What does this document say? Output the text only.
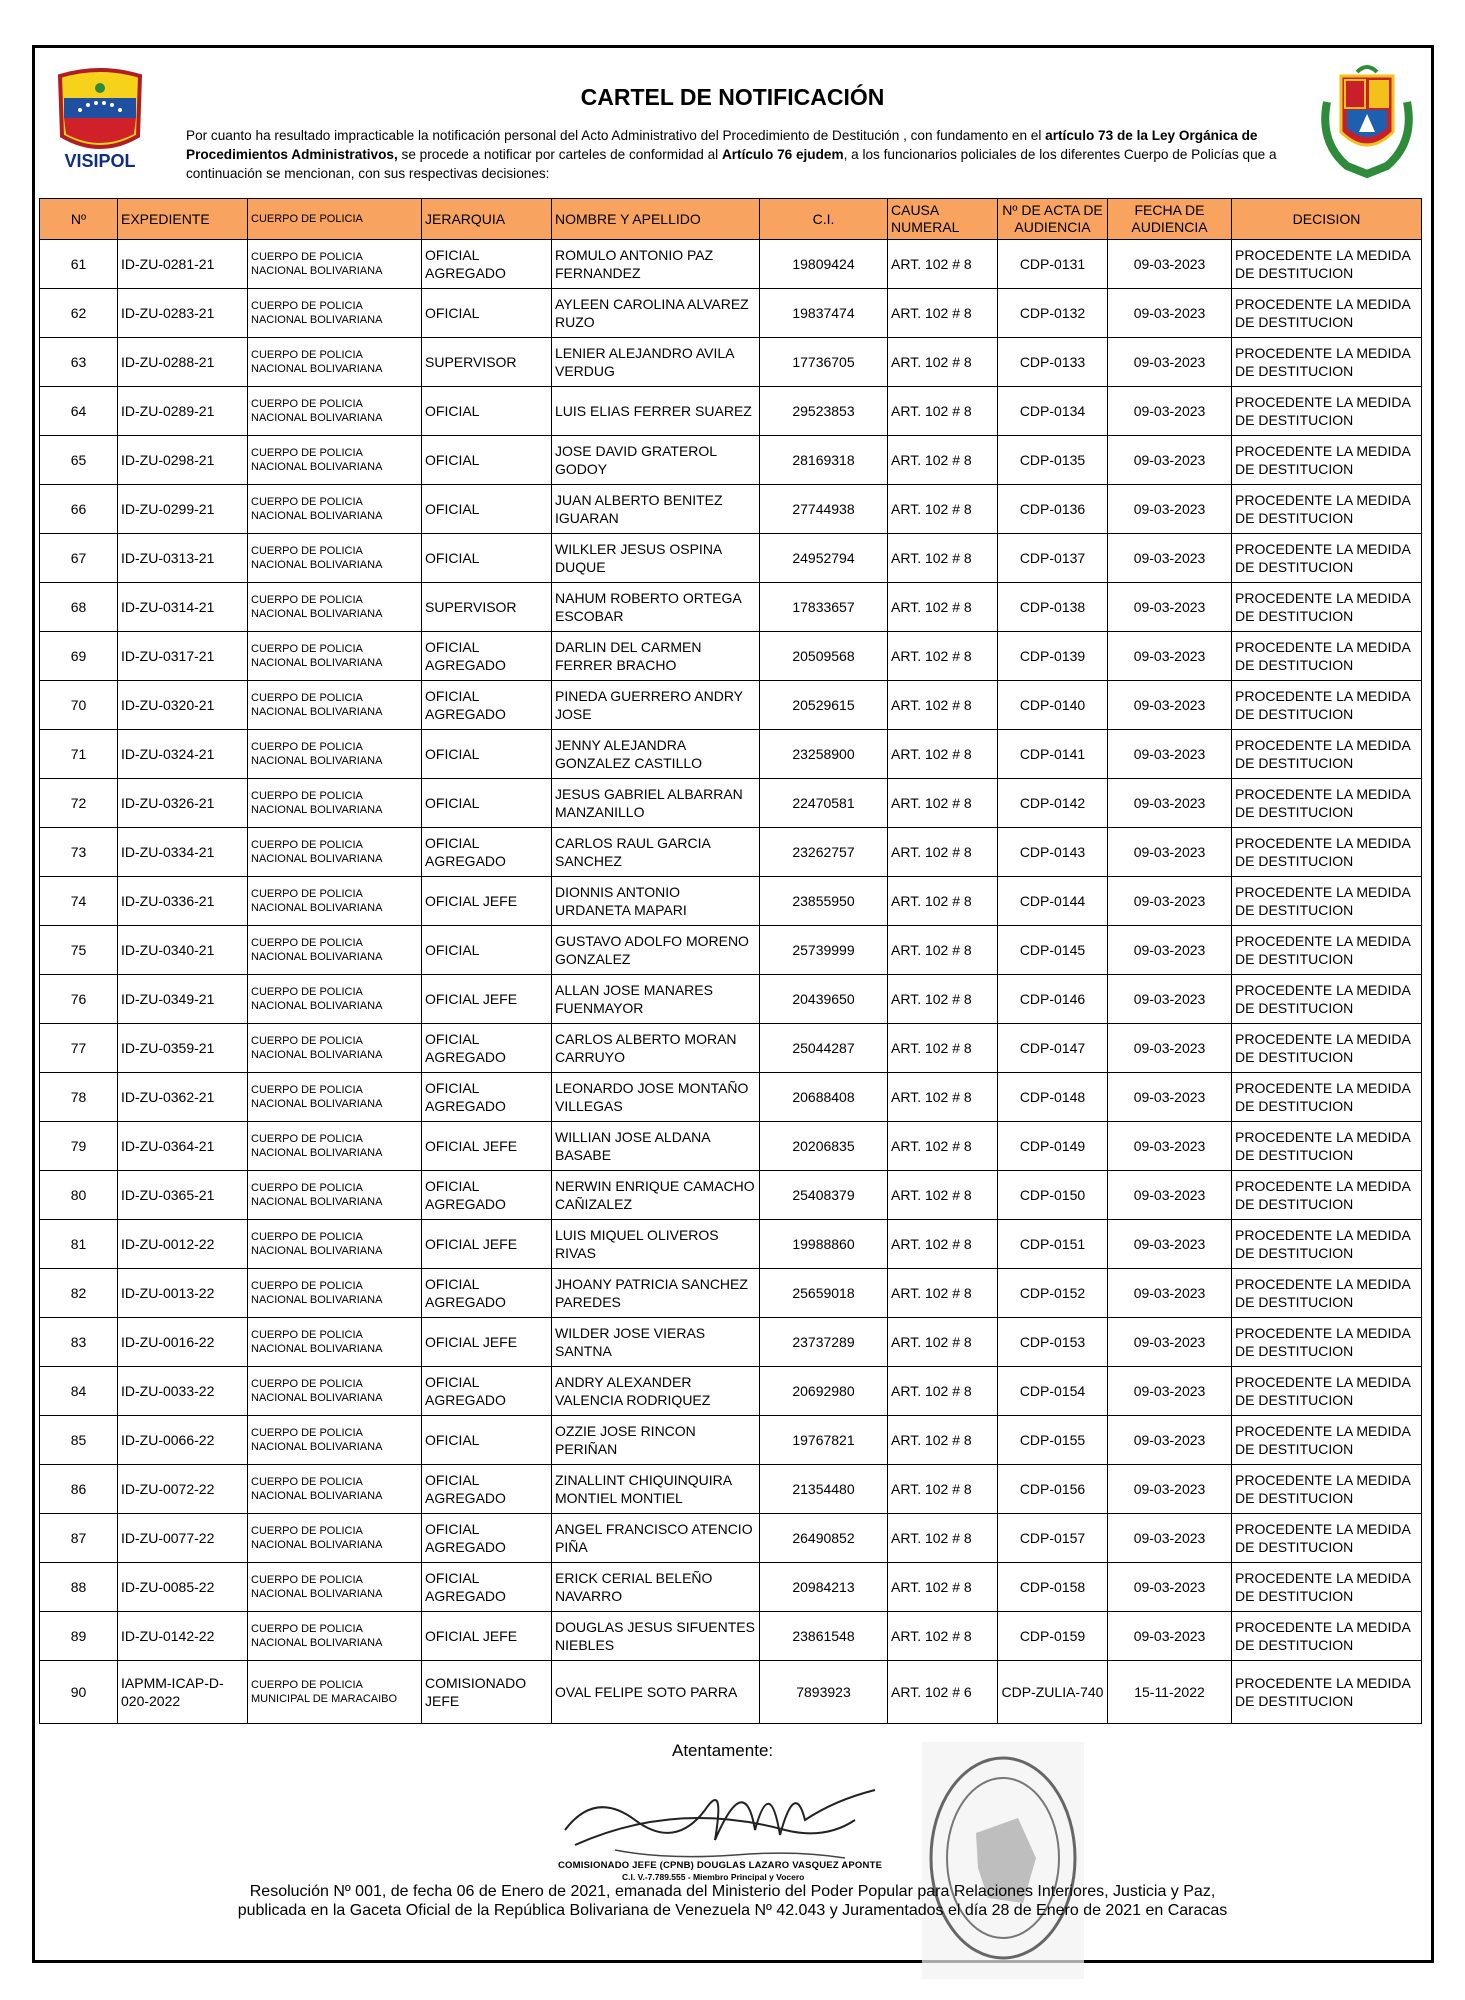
VISIPOL
CARTEL DE NOTIFICACIÓN
Por cuanto ha resultado impracticable la notificación personal del Acto Administrativo del Procedimiento de Destitución , con fundamento en el artículo 73 de la Ley Orgánica de Procedimientos Administrativos, se procede a notificar por carteles de conformidad al Artículo 76 ejudem, a los funcionarios policiales de los diferentes Cuerpo de Policías que a continuación se mencionan, con sus respectivas decisiones:
Nº	EXPEDIENTE	CUERPO DE POLICIA	JERARQUIA	NOMBRE Y APELLIDO	C.I.	CAUSA NUMERAL	Nº DE ACTA DE AUDIENCIA	FECHA DE AUDIENCIA	DECISION
61	ID-ZU-0281-21	CUERPO DE POLICIA NACIONAL BOLIVARIANA	OFICIAL AGREGADO	ROMULO ANTONIO PAZ FERNANDEZ	19809424	ART. 102 # 8	CDP-0131	09-03-2023	PROCEDENTE LA MEDIDA DE DESTITUCION
62	ID-ZU-0283-21	CUERPO DE POLICIA NACIONAL BOLIVARIANA	OFICIAL	AYLEEN CAROLINA ALVAREZ RUZO	19837474	ART. 102 # 8	CDP-0132	09-03-2023	PROCEDENTE LA MEDIDA DE DESTITUCION
63	ID-ZU-0288-21	CUERPO DE POLICIA NACIONAL BOLIVARIANA	SUPERVISOR	LENIER ALEJANDRO AVILA VERDUG	17736705	ART. 102 # 8	CDP-0133	09-03-2023	PROCEDENTE LA MEDIDA DE DESTITUCION
64	ID-ZU-0289-21	CUERPO DE POLICIA NACIONAL BOLIVARIANA	OFICIAL	LUIS ELIAS FERRER SUAREZ	29523853	ART. 102 # 8	CDP-0134	09-03-2023	PROCEDENTE LA MEDIDA DE DESTITUCION
65	ID-ZU-0298-21	CUERPO DE POLICIA NACIONAL BOLIVARIANA	OFICIAL	JOSE DAVID GRATEROL GODOY	28169318	ART. 102 # 8	CDP-0135	09-03-2023	PROCEDENTE LA MEDIDA DE DESTITUCION
66	ID-ZU-0299-21	CUERPO DE POLICIA NACIONAL BOLIVARIANA	OFICIAL	JUAN ALBERTO BENITEZ IGUARAN	27744938	ART. 102 # 8	CDP-0136	09-03-2023	PROCEDENTE LA MEDIDA DE DESTITUCION
67	ID-ZU-0313-21	CUERPO DE POLICIA NACIONAL BOLIVARIANA	OFICIAL	WILKLER JESUS OSPINA DUQUE	24952794	ART. 102 # 8	CDP-0137	09-03-2023	PROCEDENTE LA MEDIDA DE DESTITUCION
68	ID-ZU-0314-21	CUERPO DE POLICIA NACIONAL BOLIVARIANA	SUPERVISOR	NAHUM ROBERTO ORTEGA ESCOBAR	17833657	ART. 102 # 8	CDP-0138	09-03-2023	PROCEDENTE LA MEDIDA DE DESTITUCION
69	ID-ZU-0317-21	CUERPO DE POLICIA NACIONAL BOLIVARIANA	OFICIAL AGREGADO	DARLIN DEL CARMEN FERRER BRACHO	20509568	ART. 102 # 8	CDP-0139	09-03-2023	PROCEDENTE LA MEDIDA DE DESTITUCION
70	ID-ZU-0320-21	CUERPO DE POLICIA NACIONAL BOLIVARIANA	OFICIAL AGREGADO	PINEDA GUERRERO ANDRY JOSE	20529615	ART. 102 # 8	CDP-0140	09-03-2023	PROCEDENTE LA MEDIDA DE DESTITUCION
71	ID-ZU-0324-21	CUERPO DE POLICIA NACIONAL BOLIVARIANA	OFICIAL	JENNY ALEJANDRA GONZALEZ CASTILLO	23258900	ART. 102 # 8	CDP-0141	09-03-2023	PROCEDENTE LA MEDIDA DE DESTITUCION
72	ID-ZU-0326-21	CUERPO DE POLICIA NACIONAL BOLIVARIANA	OFICIAL	JESUS GABRIEL ALBARRAN MANZANILLO	22470581	ART. 102 # 8	CDP-0142	09-03-2023	PROCEDENTE LA MEDIDA DE DESTITUCION
73	ID-ZU-0334-21	CUERPO DE POLICIA NACIONAL BOLIVARIANA	OFICIAL AGREGADO	CARLOS RAUL GARCIA SANCHEZ	23262757	ART. 102 # 8	CDP-0143	09-03-2023	PROCEDENTE LA MEDIDA DE DESTITUCION
74	ID-ZU-0336-21	CUERPO DE POLICIA NACIONAL BOLIVARIANA	OFICIAL JEFE	DIONNIS ANTONIO URDANETA MAPARI	23855950	ART. 102 # 8	CDP-0144	09-03-2023	PROCEDENTE LA MEDIDA DE DESTITUCION
75	ID-ZU-0340-21	CUERPO DE POLICIA NACIONAL BOLIVARIANA	OFICIAL	GUSTAVO ADOLFO MORENO GONZALEZ	25739999	ART. 102 # 8	CDP-0145	09-03-2023	PROCEDENTE LA MEDIDA DE DESTITUCION
76	ID-ZU-0349-21	CUERPO DE POLICIA NACIONAL BOLIVARIANA	OFICIAL JEFE	ALLAN JOSE MANARES FUENMAYOR	20439650	ART. 102 # 8	CDP-0146	09-03-2023	PROCEDENTE LA MEDIDA DE DESTITUCION
77	ID-ZU-0359-21	CUERPO DE POLICIA NACIONAL BOLIVARIANA	OFICIAL AGREGADO	CARLOS ALBERTO MORAN CARRUYO	25044287	ART. 102 # 8	CDP-0147	09-03-2023	PROCEDENTE LA MEDIDA DE DESTITUCION
78	ID-ZU-0362-21	CUERPO DE POLICIA NACIONAL BOLIVARIANA	OFICIAL AGREGADO	LEONARDO JOSE MONTAÑO VILLEGAS	20688408	ART. 102 # 8	CDP-0148	09-03-2023	PROCEDENTE LA MEDIDA DE DESTITUCION
79	ID-ZU-0364-21	CUERPO DE POLICIA NACIONAL BOLIVARIANA	OFICIAL JEFE	WILLIAN JOSE ALDANA BASABE	20206835	ART. 102 # 8	CDP-0149	09-03-2023	PROCEDENTE LA MEDIDA DE DESTITUCION
80	ID-ZU-0365-21	CUERPO DE POLICIA NACIONAL BOLIVARIANA	OFICIAL AGREGADO	NERWIN ENRIQUE CAMACHO CAÑIZALEZ	25408379	ART. 102 # 8	CDP-0150	09-03-2023	PROCEDENTE LA MEDIDA DE DESTITUCION
81	ID-ZU-0012-22	CUERPO DE POLICIA NACIONAL BOLIVARIANA	OFICIAL JEFE	LUIS MIQUEL OLIVEROS RIVAS	19988860	ART. 102 # 8	CDP-0151	09-03-2023	PROCEDENTE LA MEDIDA DE DESTITUCION
82	ID-ZU-0013-22	CUERPO DE POLICIA NACIONAL BOLIVARIANA	OFICIAL AGREGADO	JHOANY PATRICIA SANCHEZ PAREDES	25659018	ART. 102 # 8	CDP-0152	09-03-2023	PROCEDENTE LA MEDIDA DE DESTITUCION
83	ID-ZU-0016-22	CUERPO DE POLICIA NACIONAL BOLIVARIANA	OFICIAL JEFE	WILDER JOSE VIERAS SANTNA	23737289	ART. 102 # 8	CDP-0153	09-03-2023	PROCEDENTE LA MEDIDA DE DESTITUCION
84	ID-ZU-0033-22	CUERPO DE POLICIA NACIONAL BOLIVARIANA	OFICIAL AGREGADO	ANDRY ALEXANDER VALENCIA RODRIQUEZ	20692980	ART. 102 # 8	CDP-0154	09-03-2023	PROCEDENTE LA MEDIDA DE DESTITUCION
85	ID-ZU-0066-22	CUERPO DE POLICIA NACIONAL BOLIVARIANA	OFICIAL	OZZIE JOSE RINCON PERIÑAN	19767821	ART. 102 # 8	CDP-0155	09-03-2023	PROCEDENTE LA MEDIDA DE DESTITUCION
86	ID-ZU-0072-22	CUERPO DE POLICIA NACIONAL BOLIVARIANA	OFICIAL AGREGADO	ZINALLINT CHIQUINQUIRA MONTIEL MONTIEL	21354480	ART. 102 # 8	CDP-0156	09-03-2023	PROCEDENTE LA MEDIDA DE DESTITUCION
87	ID-ZU-0077-22	CUERPO DE POLICIA NACIONAL BOLIVARIANA	OFICIAL AGREGADO	ANGEL FRANCISCO ATENCIO PIÑA	26490852	ART. 102 # 8	CDP-0157	09-03-2023	PROCEDENTE LA MEDIDA DE DESTITUCION
88	ID-ZU-0085-22	CUERPO DE POLICIA NACIONAL BOLIVARIANA	OFICIAL AGREGADO	ERICK CERIAL BELEÑO NAVARRO	20984213	ART. 102 # 8	CDP-0158	09-03-2023	PROCEDENTE LA MEDIDA DE DESTITUCION
89	ID-ZU-0142-22	CUERPO DE POLICIA NACIONAL BOLIVARIANA	OFICIAL JEFE	DOUGLAS JESUS SIFUENTES NIEBLES	23861548	ART. 102 # 8	CDP-0159	09-03-2023	PROCEDENTE LA MEDIDA DE DESTITUCION
90	IAPMM-ICAP-D-020-2022	CUERPO DE POLICIA MUNICIPAL DE MARACAIBO	COMISIONADO JEFE	OVAL FELIPE SOTO PARRA	7893923	ART. 102 # 6	CDP-ZULIA-740	15-11-2022	PROCEDENTE LA MEDIDA DE DESTITUCION
Atentamente:
COMISIONADO JEFE (CPNB) DOUGLAS LAZARO VASQUEZ APONTE
C.I. V.-7.789.555 - Miembro Principal y Vocero
Resolución Nº 001, de fecha 06 de Enero de 2021, emanada del Ministerio del Poder Popular para Relaciones Interiores, Justicia y Paz,
publicada en la Gaceta Oficial de la República Bolivariana de Venezuela Nº 42.043 y Juramentados el día 28 de Enero de 2021 en Caracas
